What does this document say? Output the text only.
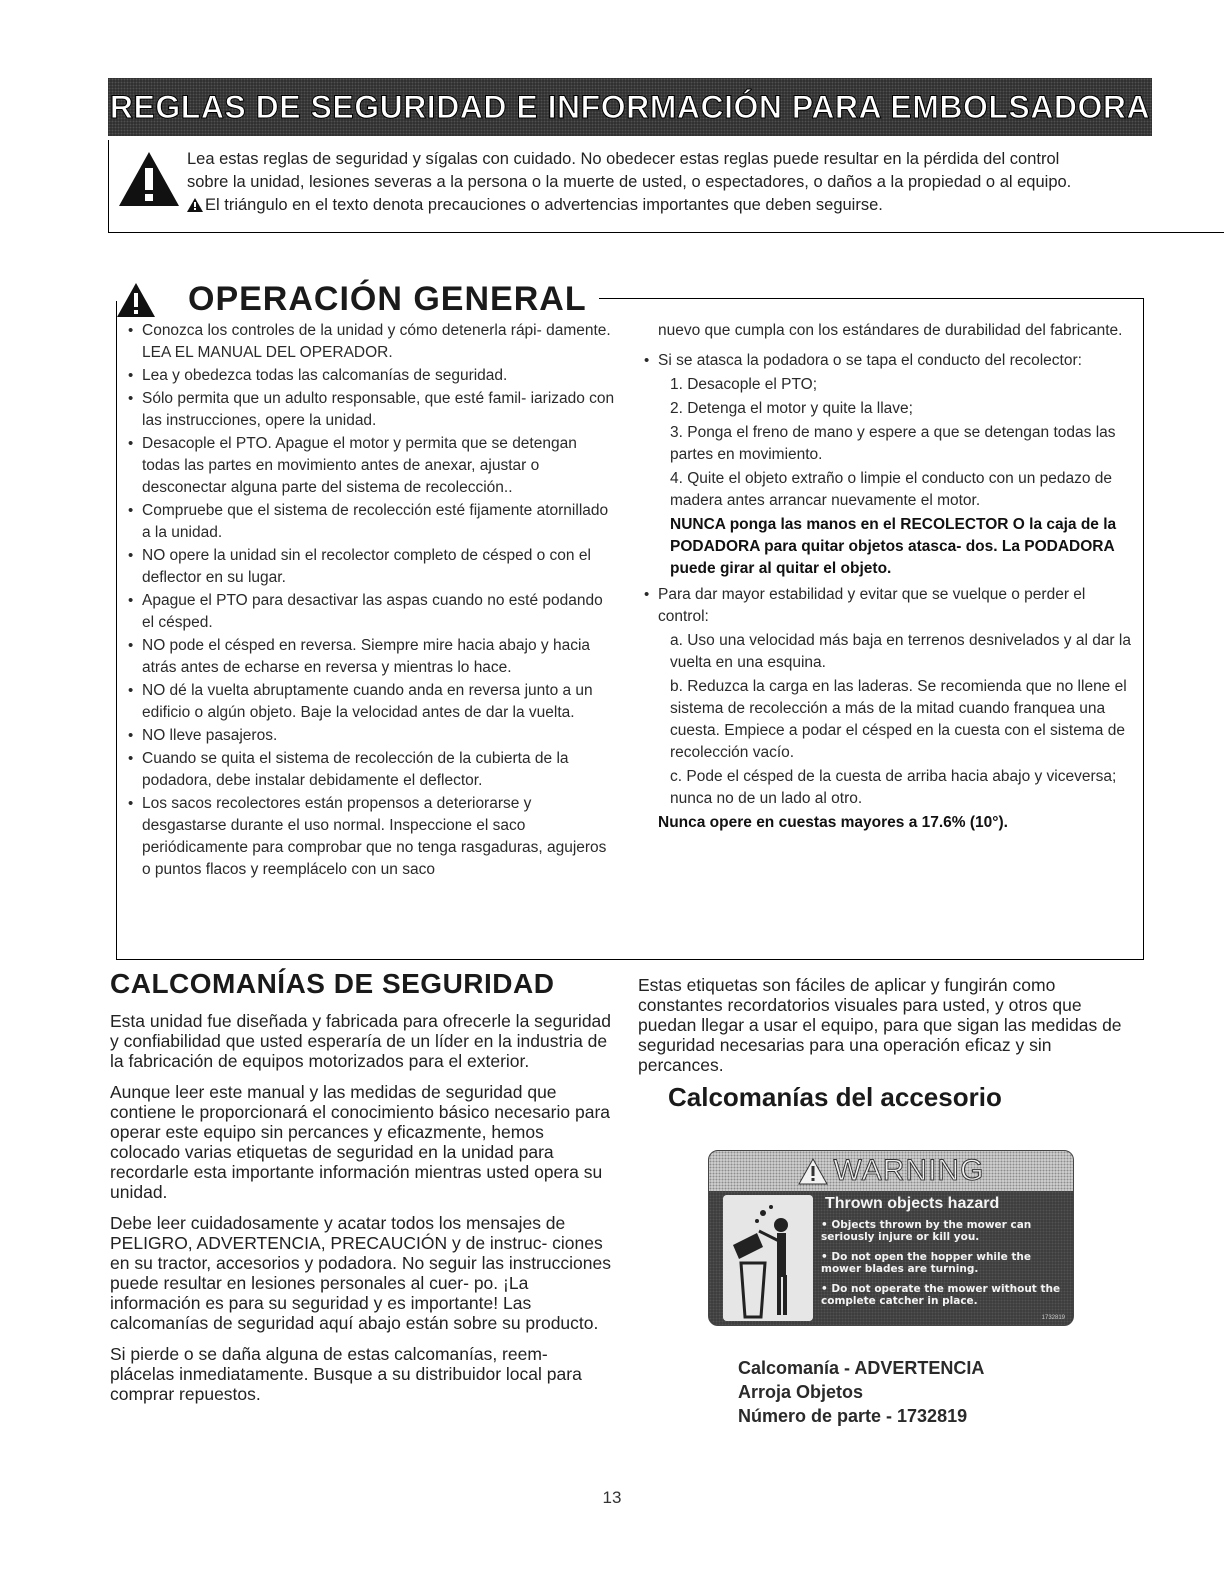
REGLAS DE SEGURIDAD E INFORMACIÓN PARA EMBOLSADORA
Lea estas reglas de seguridad y sígalas con cuidado. No obedecer estas reglas puede resultar en la pérdida del control
sobre la unidad, lesiones severas a la persona o la muerte de usted, o espectadores, o daños a la propiedad o al equipo.
El triángulo en el texto denota precauciones o advertencias importantes que deben seguirse.
OPERACIÓN GENERAL
• Conozca los controles de la unidad y cómo detenerla rápi- damente. LEA EL MANUAL DEL OPERADOR.
• Lea y obedezca todas las calcomanías de seguridad.
• Sólo permita que un adulto responsable, que esté famil- iarizado con las instrucciones, opere la unidad.
• Desacople el PTO. Apague el motor y permita que se detengan todas las partes en movimiento antes de anexar, ajustar o desconectar alguna parte del sistema de recolección..
• Compruebe que el sistema de recolección esté fijamente atornillado a la unidad.
• NO opere la unidad sin el recolector completo de césped o con el deflector en su lugar.
• Apague el PTO para desactivar las aspas cuando no esté podando el césped.
• NO pode el césped en reversa. Siempre mire hacia abajo y hacia atrás antes de echarse en reversa y mientras lo hace.
• NO dé la vuelta abruptamente cuando anda en reversa junto a un edificio o algún objeto. Baje la velocidad antes de dar la vuelta.
• NO lleve pasajeros.
• Cuando se quita el sistema de recolección de la cubierta de la podadora, debe instalar debidamente el deflector.
• Los sacos recolectores están propensos a deteriorarse y desgastarse durante el uso normal. Inspeccione el saco periódicamente para comprobar que no tenga rasgaduras, agujeros o puntos flacos y reemplácelo con un saco
nuevo que cumpla con los estándares de durabilidad del fabricante.
• Si se atasca la podadora o se tapa el conducto del recolector:
1. Desacople el PTO;
2. Detenga el motor y quite la llave;
3. Ponga el freno de mano y espere a que se detengan todas las partes en movimiento.
4. Quite el objeto extraño o limpie el conducto con un pedazo de madera antes arrancar nuevamente el motor.
NUNCA ponga las manos en el RECOLECTOR O la caja de la PODADORA para quitar objetos atasca- dos. La PODADORA puede girar al quitar el objeto.
• Para dar mayor estabilidad y evitar que se vuelque o perder el control:
a. Uso una velocidad más baja en terrenos desnivelados y al dar la vuelta en una esquina.
b. Reduzca la carga en las laderas. Se recomienda que no llene el sistema de recolección a más de la mitad cuando franquea una cuesta. Empiece a podar el césped en la cuesta con el sistema de recolección vacío.
c. Pode el césped de la cuesta de arriba hacia abajo y viceversa; nunca no de un lado al otro.
Nunca opere en cuestas mayores a 17.6% (10°).
CALCOMANÍAS DE SEGURIDAD

Esta unidad fue diseñada y fabricada para ofrecerle la seguridad y confiabilidad que usted esperaría de un líder en la industria de la fabricación de equipos motorizados para el exterior.

Aunque leer este manual y las medidas de seguridad que contiene le proporcionará el conocimiento básico necesario para operar este equipo sin percances y eficazmente, hemos colocado varias etiquetas de seguridad en la unidad para recordarle esta importante información mientras usted opera su unidad.

Debe leer cuidadosamente y acatar todos los mensajes de PELIGRO, ADVERTENCIA, PRECAUCIÓN y de instruc- ciones en su tractor, accesorios y podadora. No seguir las instrucciones puede resultar en lesiones personales al cuer- po. ¡La información es para su seguridad y es importante! Las calcomanías de seguridad aquí abajo están sobre su producto.

Si pierde o se daña alguna de estas calcomanías, reem- plácelas inmediatamente. Busque a su distribuidor local para comprar repuestos.

Estas etiquetas son fáciles de aplicar y fungirán como constantes recordatorios visuales para usted, y otros que puedan llegar a usar el equipo, para que sigan las medidas de seguridad necesarias para una operación eficaz y sin percances.

Calcomanías del accesorio
WARNING
Thrown objects hazard
• Objects thrown by the mower can seriously injure or kill you.
• Do not open the hopper while the mower blades are turning.
• Do not operate the mower without the complete catcher in place.
1732819
Calcomanía - ADVERTENCIA
Arroja Objetos
Número de parte - 1732819
13
